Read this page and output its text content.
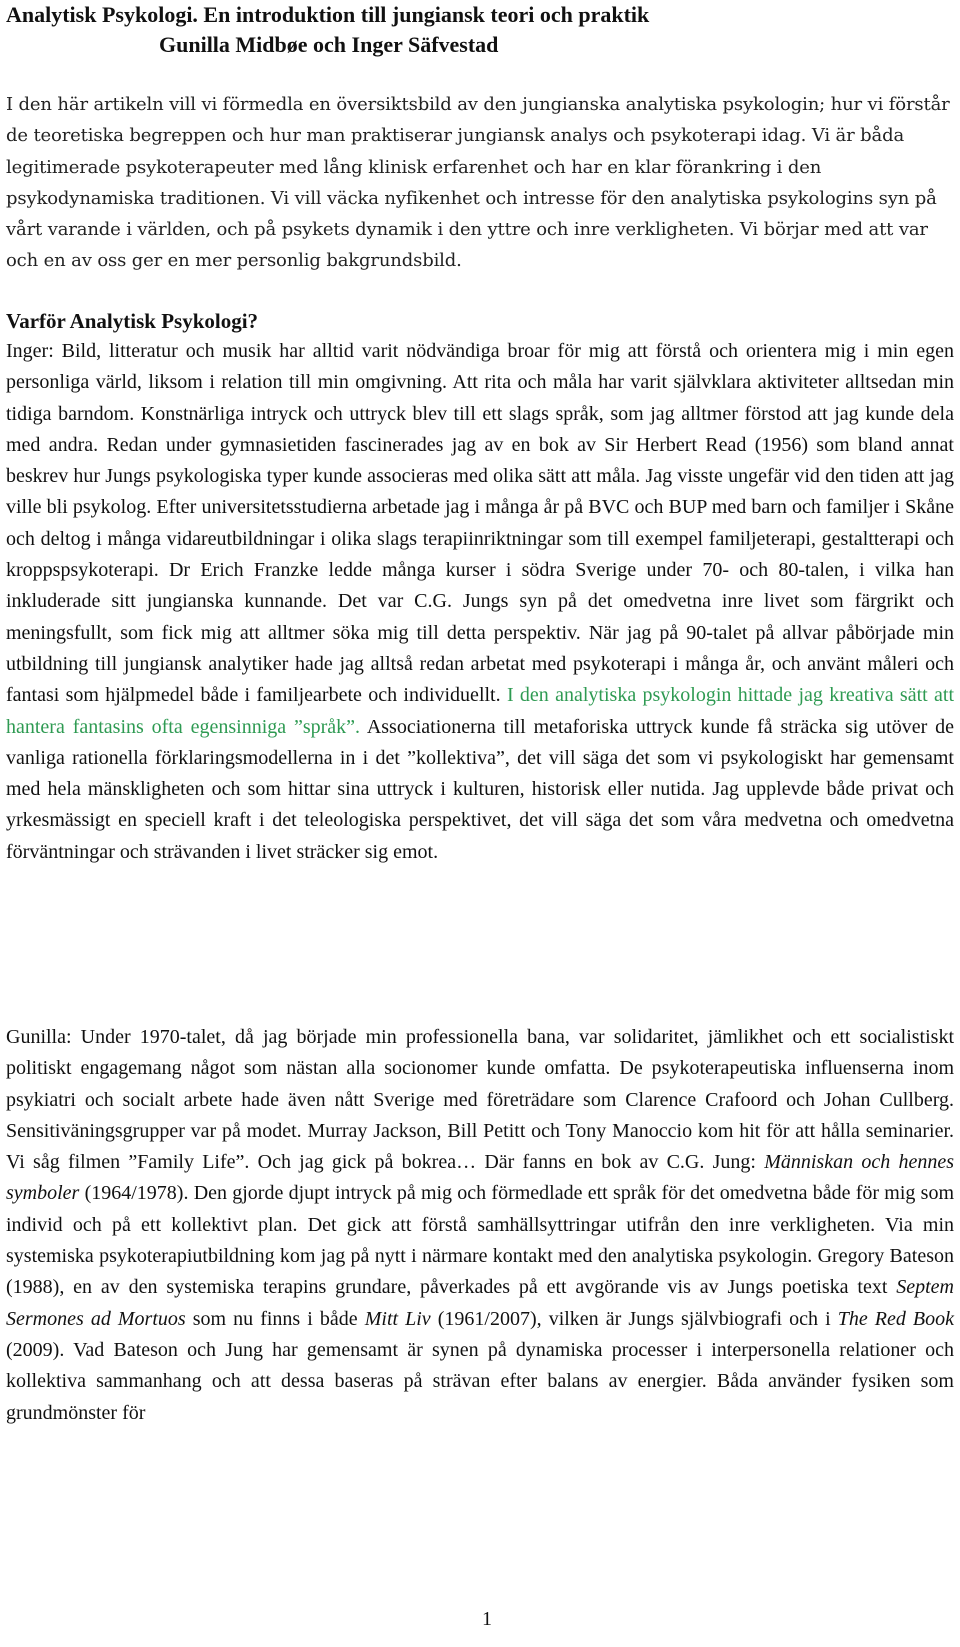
Analytisk Psykologi. En introduktion till jungiansk teori och praktik
Gunilla Midbøe och Inger Säfvestad

I den här artikeln vill vi förmedla en översiktsbild av den jungianska analytiska psykologin; hur vi förstår de teoretiska begreppen och hur man praktiserar jungiansk analys och psykoterapi idag. Vi är båda legitimerade psykoterapeuter med lång klinisk erfarenhet och har en klar förankring i den psykodynamiska traditionen. Vi vill väcka nyfikenhet och intresse för den analytiska psykologins syn på vårt varande i världen, och på psykets dynamik i den yttre och inre verkligheten. Vi börjar med att var och en av oss ger en mer personlig bakgrundsbild.

Varför Analytisk Psykologi?

Inger: Bild, litteratur och musik har alltid varit nödvändiga broar för mig att förstå och orientera mig i min egen personliga värld, liksom i relation till min omgivning. Att rita och måla har varit självklara aktiviteter alltsedan min tidiga barndom. Konstnärliga intryck och uttryck blev till ett slags språk, som jag alltmer förstod att jag kunde dela med andra. Redan under gymnasietiden fascinerades jag av en bok av Sir Herbert Read (1956) som bland annat beskrev hur Jungs psykologiska typer kunde associeras med olika sätt att måla. Jag visste ungefär vid den tiden att jag ville bli psykolog. Efter universitetsstudierna arbetade jag i många år på BVC och BUP med barn och familjer i Skåne och deltog i många vidareutbildningar i olika slags terapiinriktningar som till exempel familjeterapi, gestaltterapi och kroppspsykoterapi. Dr Erich Franzke ledde många kurser i södra Sverige under 70- och 80-talen, i vilka han inkluderade sitt jungianska kunnande. Det var C.G. Jungs syn på det omedvetna inre livet som färgrikt och meningsfullt, som fick mig att alltmer söka mig till detta perspektiv. När jag på 90-talet på allvar påbörjade min utbildning till jungiansk analytiker hade jag alltså redan arbetat med psykoterapi i många år, och använt måleri och fantasi som hjälpmedel både i familjearbete och individuellt. I den analytiska psykologin hittade jag kreativa sätt att hantera fantasins ofta egensinniga ”språk”. Associationerna till metaforiska uttryck kunde få sträcka sig utöver de vanliga rationella förklaringsmodellerna in i det ”kollektiva”, det vill säga det som vi psykologiskt har gemensamt med hela mänskligheten och som hittar sina uttryck i kulturen, historisk eller nutida. Jag upplevde både privat och yrkesmässigt en speciell kraft i det teleologiska perspektivet, det vill säga det som våra medvetna och omedvetna förväntningar och strävanden i livet sträcker sig emot.

Gunilla: Under 1970-talet, då jag började min professionella bana, var solidaritet, jämlikhet och ett socialistiskt politiskt engagemang något som nästan alla socionomer kunde omfatta. De psykoterapeutiska influenserna inom psykiatri och socialt arbete hade även nått Sverige med företrädare som Clarence Crafoord och Johan Cullberg. Sensitiväningsgrupper var på modet. Murray Jackson, Bill Petitt och Tony Manoccio kom hit för att hålla seminarier. Vi såg filmen ”Family Life”. Och jag gick på bokrea… Där fanns en bok av C.G. Jung: Människan och hennes symboler (1964/1978). Den gjorde djupt intryck på mig och förmedlade ett språk för det omedvetna både för mig som individ och på ett kollektivt plan. Det gick att förstå samhällsyttringar utifrån den inre verkligheten. Via min systemiska psykoterapiutbildning kom jag på nytt i närmare kontakt med den analytiska psykologin. Gregory Bateson (1988), en av den systemiska terapins grundare, påverkades på ett avgörande vis av Jungs poetiska text Septem Sermones ad Mortuos som nu finns i både Mitt Liv (1961/2007), vilken är Jungs självbiografi och i The Red Book (2009). Vad Bateson och Jung har gemensamt är synen på dynamiska processer i interpersonella relationer och kollektiva sammanhang och att dessa baseras på strävan efter balans av energier. Båda använder fysiken som grundmönster för

1
